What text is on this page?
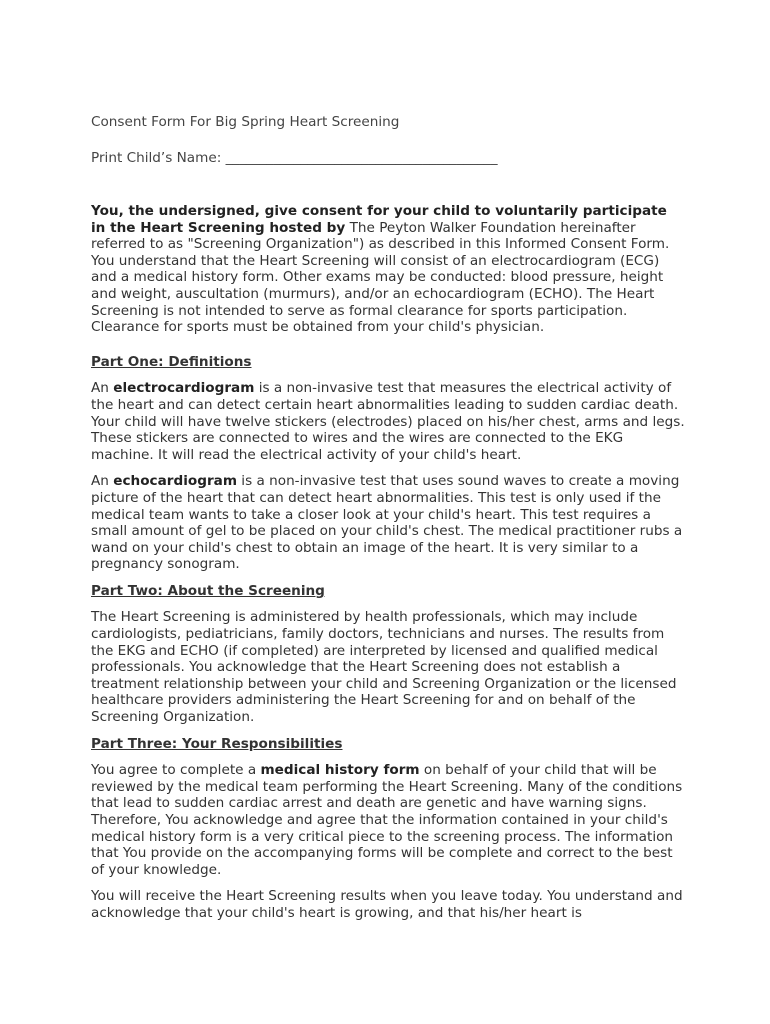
Consent Form For Big Spring Heart Screening
Print Child’s Name: ________________________________________

You, the undersigned, give consent for your child to voluntarily participate in the Heart Screening hosted by The Peyton Walker Foundation hereinafter referred to as "Screening Organization") as described in this Informed Consent Form. You understand that the Heart Screening will consist of an electrocardiogram (ECG) and a medical history form. Other exams may be conducted: blood pressure, height and weight, auscultation (murmurs), and/or an echocardiogram (ECHO). The Heart Screening is not intended to serve as formal clearance for sports participation. Clearance for sports must be obtained from your child's physician.

Part One: Definitions

An electrocardiogram is a non-invasive test that measures the electrical activity of the heart and can detect certain heart abnormalities leading to sudden cardiac death. Your child will have twelve stickers (electrodes) placed on his/her chest, arms and legs. These stickers are connected to wires and the wires are connected to the EKG machine. It will read the electrical activity of your child's heart.

An echocardiogram is a non-invasive test that uses sound waves to create a moving picture of the heart that can detect heart abnormalities. This test is only used if the medical team wants to take a closer look at your child's heart. This test requires a small amount of gel to be placed on your child's chest. The medical practitioner rubs a wand on your child's chest to obtain an image of the heart. It is very similar to a pregnancy sonogram.

Part Two: About the Screening

The Heart Screening is administered by health professionals, which may include cardiologists, pediatricians, family doctors, technicians and nurses. The results from the EKG and ECHO (if completed) are interpreted by licensed and qualified medical professionals. You acknowledge that the Heart Screening does not establish a treatment relationship between your child and Screening Organization or the licensed healthcare providers administering the Heart Screening for and on behalf of the Screening Organization.

Part Three: Your Responsibilities

You agree to complete a medical history form on behalf of your child that will be reviewed by the medical team performing the Heart Screening. Many of the conditions that lead to sudden cardiac arrest and death are genetic and have warning signs. Therefore, You acknowledge and agree that the information contained in your child's medical history form is a very critical piece to the screening process. The information that You provide on the accompanying forms will be complete and correct to the best of your knowledge.

You will receive the Heart Screening results when you leave today. You understand and acknowledge that your child's heart is growing, and that his/her heart is
